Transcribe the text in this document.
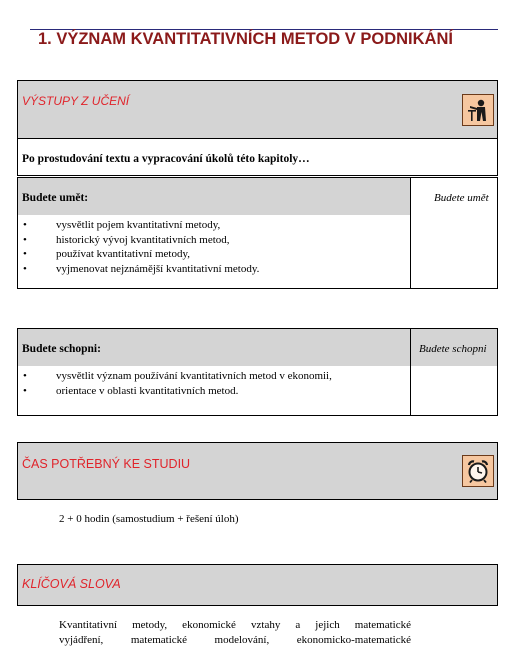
1. VÝZNAM KVANTITATIVNÍCH METOD V PODNIKÁNÍ
VÝSTUPY Z UČENÍ
Po prostudování textu a vypracování úkolů této kapitoly…
Budete umět:	Budete umět
• vysvětlit pojem kvantitativní metody,
• historický vývoj kvantitativních metod,
• používat kvantitativní metody,
• vyjmenovat nejznámější kvantitativní metody.
Budete schopni:	Budete schopni
• vysvětlit význam používání kvantitativních metod v ekonomii,
• orientace v oblasti kvantitativních metod.
ČAS POTŘEBNÝ KE STUDIU
2 + 0 hodin (samostudium + řešení úloh)
KLÍČOVÁ SLOVA
Kvantitativní metody, ekonomické vztahy a jejich matematické
vyjádření, matematické modelování, ekonomicko-matematické
